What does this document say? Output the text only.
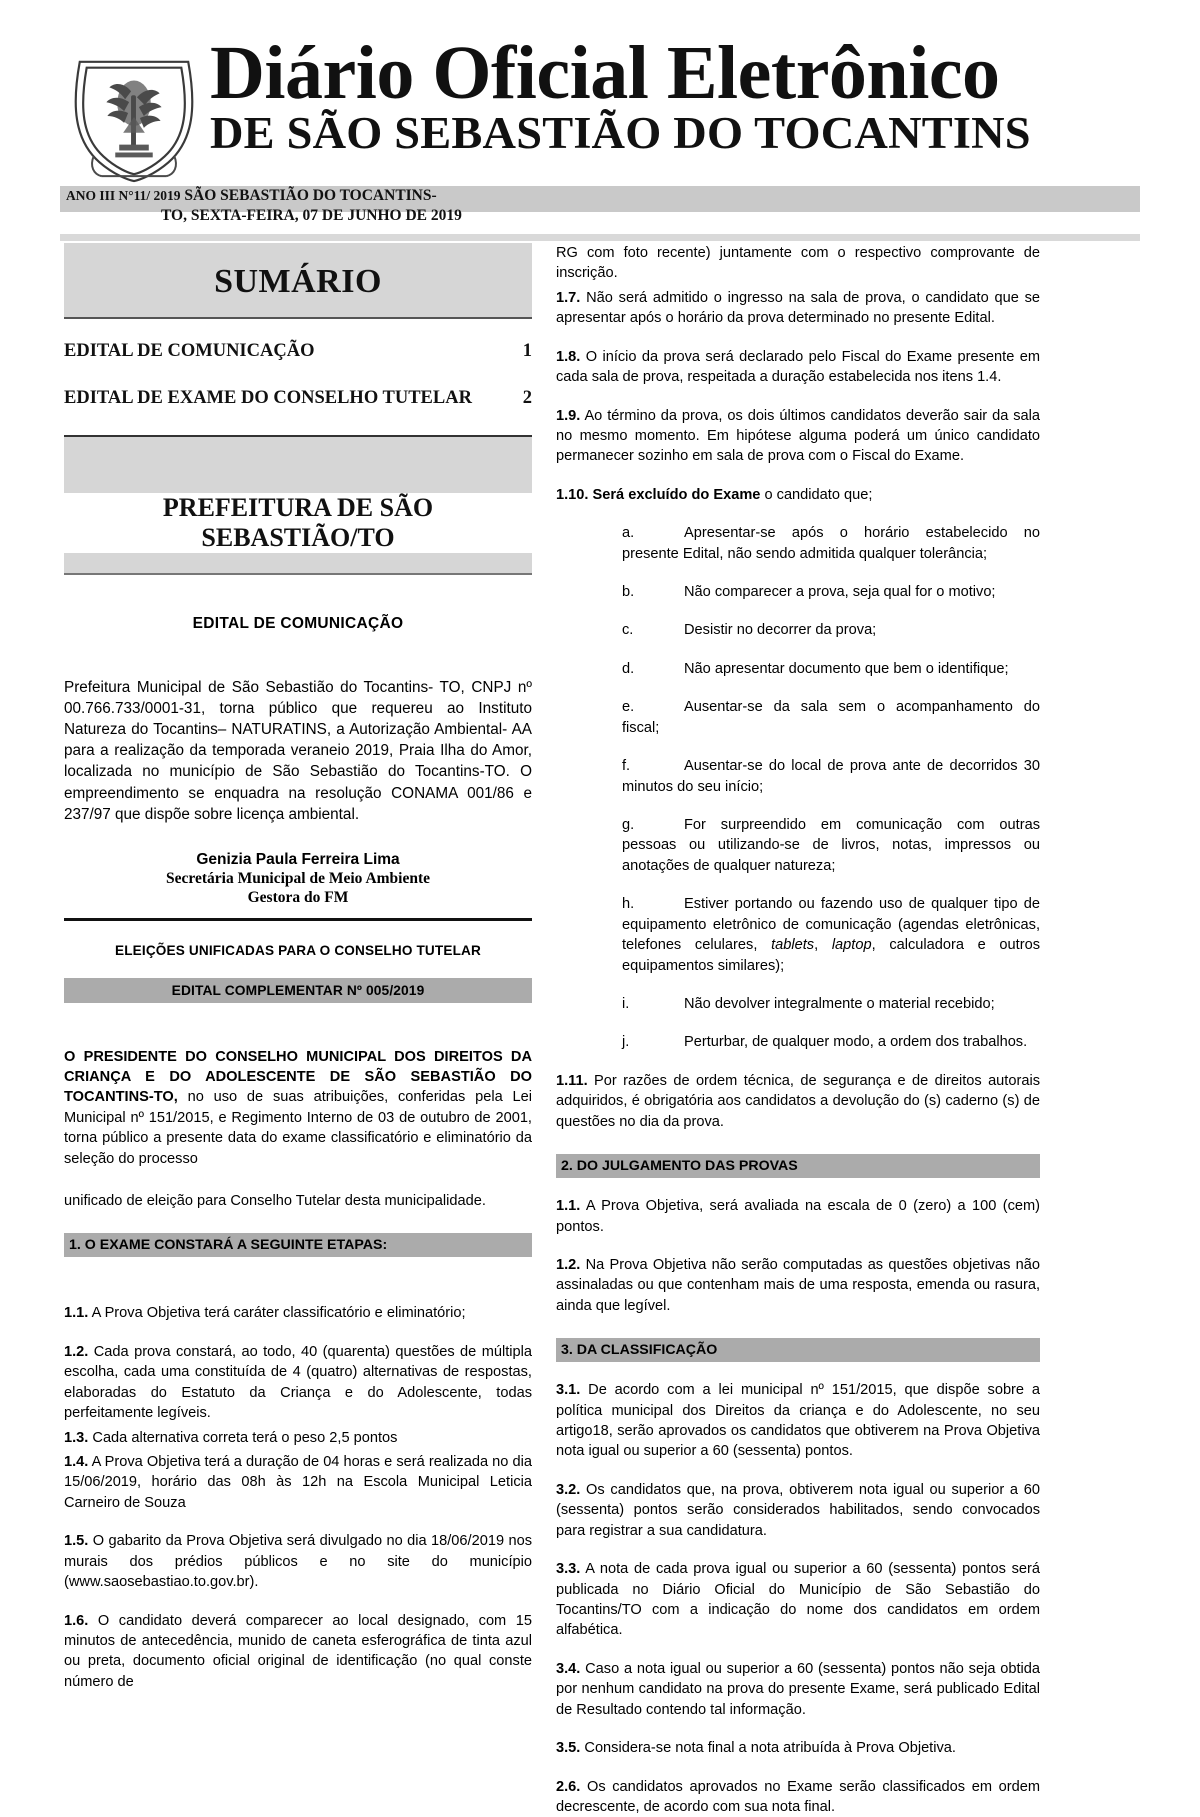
Diário Oficial Eletrônico
DE SÃO SEBASTIÃO DO TOCANTINS
ANO III N°11/ 2019 SÃO SEBASTIÃO DO TOCANTINS-
TO, SEXTA-FEIRA, 07 DE JUNHO DE 2019
SUMÁRIO
EDITAL DE COMUNICAÇÃO	1
EDITAL DE EXAME DO CONSELHO TUTELAR	2
PREFEITURA DE SÃO SEBASTIÃO/TO
EDITAL DE COMUNICAÇÃO
Prefeitura Municipal de São Sebastião do Tocantins- TO, CNPJ nº 00.766.733/0001-31, torna público que requereu ao Instituto Natureza do Tocantins– NATURATINS, a Autorização Ambiental- AA para a realização da temporada veraneio 2019, Praia Ilha do Amor, localizada no município de São Sebastião do Tocantins-TO. O empreendimento se enquadra na resolução CONAMA 001/86 e 237/97 que dispõe sobre licença ambiental.
Genizia Paula Ferreira Lima
Secretária Municipal de Meio Ambiente
Gestora do FM
ELEIÇÕES UNIFICADAS PARA O CONSELHO TUTELAR
EDITAL COMPLEMENTAR Nº 005/2019
O PRESIDENTE DO CONSELHO MUNICIPAL DOS DIREITOS DA CRIANÇA E DO ADOLESCENTE DE SÃO SEBASTIÃO DO TOCANTINS-TO, no uso de suas atribuições, conferidas pela Lei Municipal nº 151/2015, e Regimento Interno de 03 de outubro de 2001, torna público a presente data do exame classificatório e eliminatório da seleção do processo
unificado de eleição para Conselho Tutelar desta municipalidade.
1. O EXAME CONSTARÁ A SEGUINTE ETAPAS:
1.1. A Prova Objetiva terá caráter classificatório e eliminatório;
1.2. Cada prova constará, ao todo, 40 (quarenta) questões de múltipla escolha, cada uma constituída de 4 (quatro) alternativas de respostas, elaboradas do Estatuto da Criança e do Adolescente, todas perfeitamente legíveis.
1.3. Cada alternativa correta terá o peso 2,5 pontos
1.4. A Prova Objetiva terá a duração de 04 horas e será realizada no dia 15/06/2019, horário das 08h às 12h na Escola Municipal Leticia Carneiro de Souza
1.5. O gabarito da Prova Objetiva será divulgado no dia 18/06/2019 nos murais dos prédios públicos e no site do município (www.saosebastiao.to.gov.br).
1.6. O candidato deverá comparecer ao local designado, com 15 minutos de antecedência, munido de caneta esferográfica de tinta azul ou preta, documento oficial original de identificação (no qual conste número de
RG com foto recente) juntamente com o respectivo comprovante de inscrição.
1.7. Não será admitido o ingresso na sala de prova, o candidato que se apresentar após o horário da prova determinado no presente Edital.
1.8. O início da prova será declarado pelo Fiscal do Exame presente em cada sala de prova, respeitada a duração estabelecida nos itens 1.4.
1.9. Ao término da prova, os dois últimos candidatos deverão sair da sala no mesmo momento. Em hipótese alguma poderá um único candidato permanecer sozinho em sala de prova com o Fiscal do Exame.
1.10. Será excluído do Exame o candidato que;
a.	Apresentar-se após o horário estabelecido no presente Edital, não sendo admitida qualquer tolerância;
b.	Não comparecer a prova, seja qual for o motivo;
c.	Desistir no decorrer da prova;
d.	Não apresentar documento que bem o identifique;
e.	Ausentar-se da sala sem o acompanhamento do fiscal;
f.	Ausentar-se do local de prova ante de decorridos 30 minutos do seu início;
g.	For surpreendido em comunicação com outras pessoas ou utilizando-se de livros, notas, impressos ou anotações de qualquer natureza;
h.	Estiver portando ou fazendo uso de qualquer tipo de equipamento eletrônico de comunicação (agendas eletrônicas, telefones celulares, tablets, laptop, calculadora e outros equipamentos similares);
i.	Não devolver integralmente o material recebido;
j.	Perturbar, de qualquer modo, a ordem dos trabalhos.
1.11. Por razões de ordem técnica, de segurança e de direitos autorais adquiridos, é obrigatória aos candidatos a devolução do (s) caderno (s) de questões no dia da prova.
2. DO JULGAMENTO DAS PROVAS
1.1. A Prova Objetiva, será avaliada na escala de 0 (zero) a 100 (cem) pontos.
1.2. Na Prova Objetiva não serão computadas as questões objetivas não assinaladas ou que contenham mais de uma resposta, emenda ou rasura, ainda que legível.
3. DA CLASSIFICAÇÃO
3.1. De acordo com a lei municipal nº 151/2015, que dispõe sobre a política municipal dos Direitos da criança e do Adolescente, no seu artigo18, serão aprovados os candidatos que obtiverem na Prova Objetiva nota igual ou superior a 60 (sessenta) pontos.
3.2. Os candidatos que, na prova, obtiverem nota igual ou superior a 60 (sessenta) pontos serão considerados habilitados, sendo convocados para registrar a sua candidatura.
3.3. A nota de cada prova igual ou superior a 60 (sessenta) pontos será publicada no Diário Oficial do Município de São Sebastião do Tocantins/TO com a indicação do nome dos candidatos em ordem alfabética.
3.4. Caso a nota igual ou superior a 60 (sessenta) pontos não seja obtida por nenhum candidato na prova do presente Exame, será publicado Edital de Resultado contendo tal informação.
3.5. Considera-se nota final a nota atribuída à Prova Objetiva.
2.6. Os candidatos aprovados no Exame serão classificados em ordem decrescente, de acordo com sua nota final.
